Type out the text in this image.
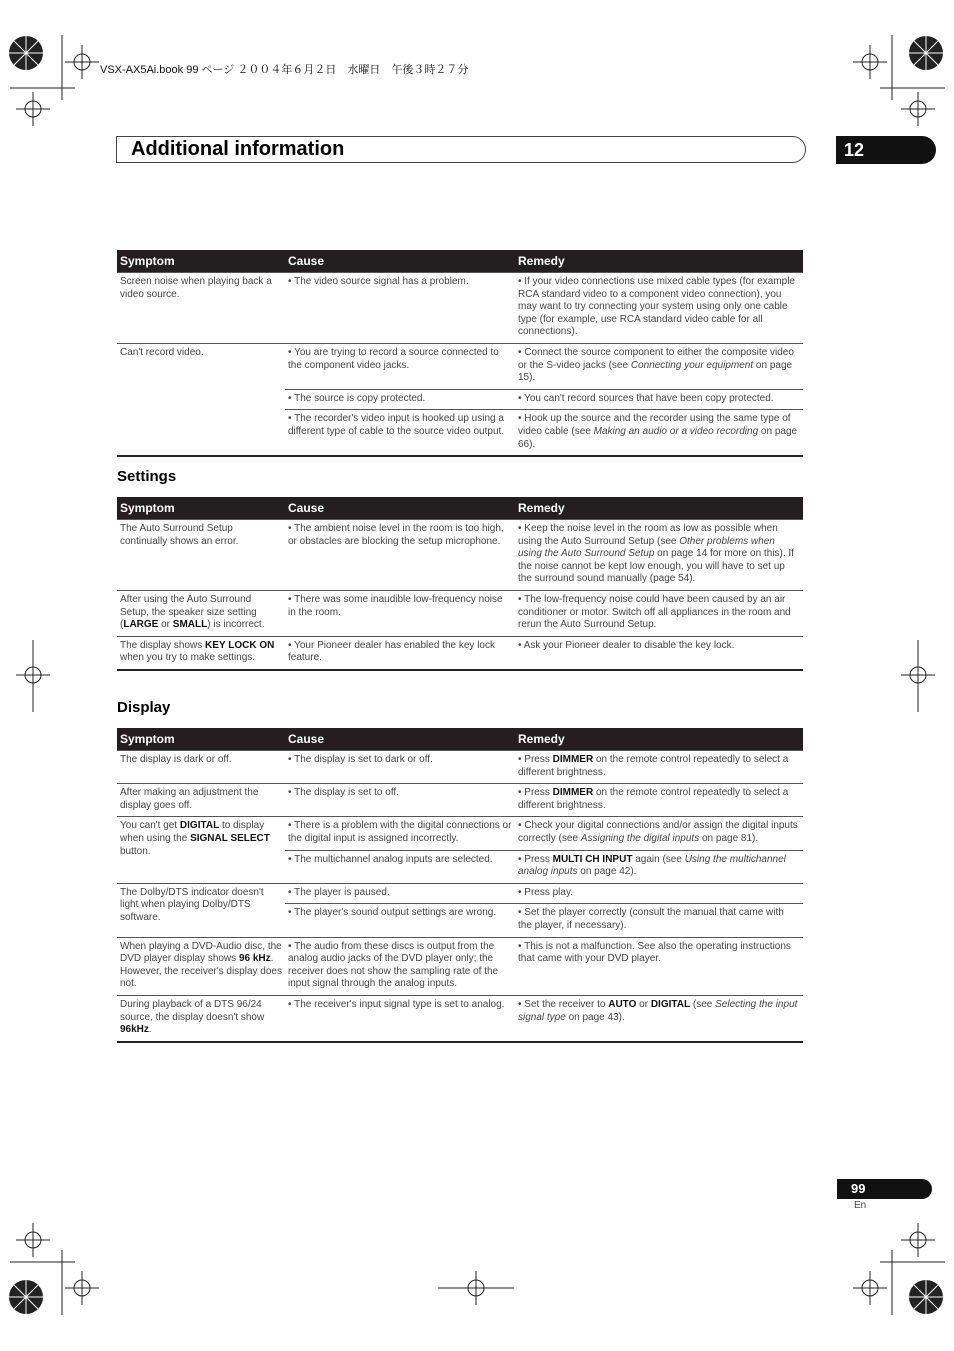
VSX-AX5Ai.book 99 ページ ２００４年６月２日　水曜日　午後３時２７分
Additional information	12
Symptom	Cause	Remedy
Screen noise when playing back a video source.	• The video source signal has a problem.	• If your video connections use mixed cable types (for example RCA standard video to a component video connection), you may want to try connecting your system using only one cable type (for example, use RCA standard video cable for all connections).
Can't record video.	• You are trying to record a source connected to the component video jacks.	• Connect the source component to either the composite video or the S-video jacks (see Connecting your equipment on page 15).
	• The source is copy protected.	• You can't record sources that have been copy protected.
	• The recorder's video input is hooked up using a different type of cable to the source video output.	• Hook up the source and the recorder using the same type of video cable (see Making an audio or a video recording on page 66).
Settings
Symptom	Cause	Remedy
The Auto Surround Setup continually shows an error.	• The ambient noise level in the room is too high, or obstacles are blocking the setup microphone.	• Keep the noise level in the room as low as possible when using the Auto Surround Setup (see Other problems when using the Auto Surround Setup on page 14 for more on this). If the noise cannot be kept low enough, you will have to set up the surround sound manually (page 54).
After using the Auto Surround Setup, the speaker size setting (LARGE or SMALL) is incorrect.	• There was some inaudible low-frequency noise in the room.	• The low-frequency noise could have been caused by an air conditioner or motor. Switch off all appliances in the room and rerun the Auto Surround Setup.
The display shows KEY LOCK ON when you try to make settings.	• Your Pioneer dealer has enabled the key lock feature.	• Ask your Pioneer dealer to disable the key lock.
Display
Symptom	Cause	Remedy
The display is dark or off.	• The display is set to dark or off.	• Press DIMMER on the remote control repeatedly to select a different brightness.
After making an adjustment the display goes off.	• The display is set to off.	• Press DIMMER on the remote control repeatedly to select a different brightness.
You can't get DIGITAL to display when using the SIGNAL SELECT button.	• There is a problem with the digital connections or the digital input is assigned incorrectly.	• Check your digital connections and/or assign the digital inputs correctly (see Assigning the digital inputs on page 81).
	• The multichannel analog inputs are selected.	• Press MULTI CH INPUT again (see Using the multichannel analog inputs on page 42).
The Dolby/DTS indicator doesn't light when playing Dolby/DTS software.	• The player is paused.	• Press play.
	• The player's sound output settings are wrong.	• Set the player correctly (consult the manual that came with the player, if necessary).
When playing a DVD-Audio disc, the DVD player display shows 96 kHz. However, the receiver's display does not.	• The audio from these discs is output from the analog audio jacks of the DVD player only; the receiver does not show the sampling rate of the input signal through the analog inputs.	• This is not a malfunction. See also the operating instructions that came with your DVD player.
During playback of a DTS 96/24 source, the display doesn't show 96kHz.	• The receiver's input signal type is set to analog.	• Set the receiver to AUTO or DIGITAL (see Selecting the input signal type on page 43).
99
En
